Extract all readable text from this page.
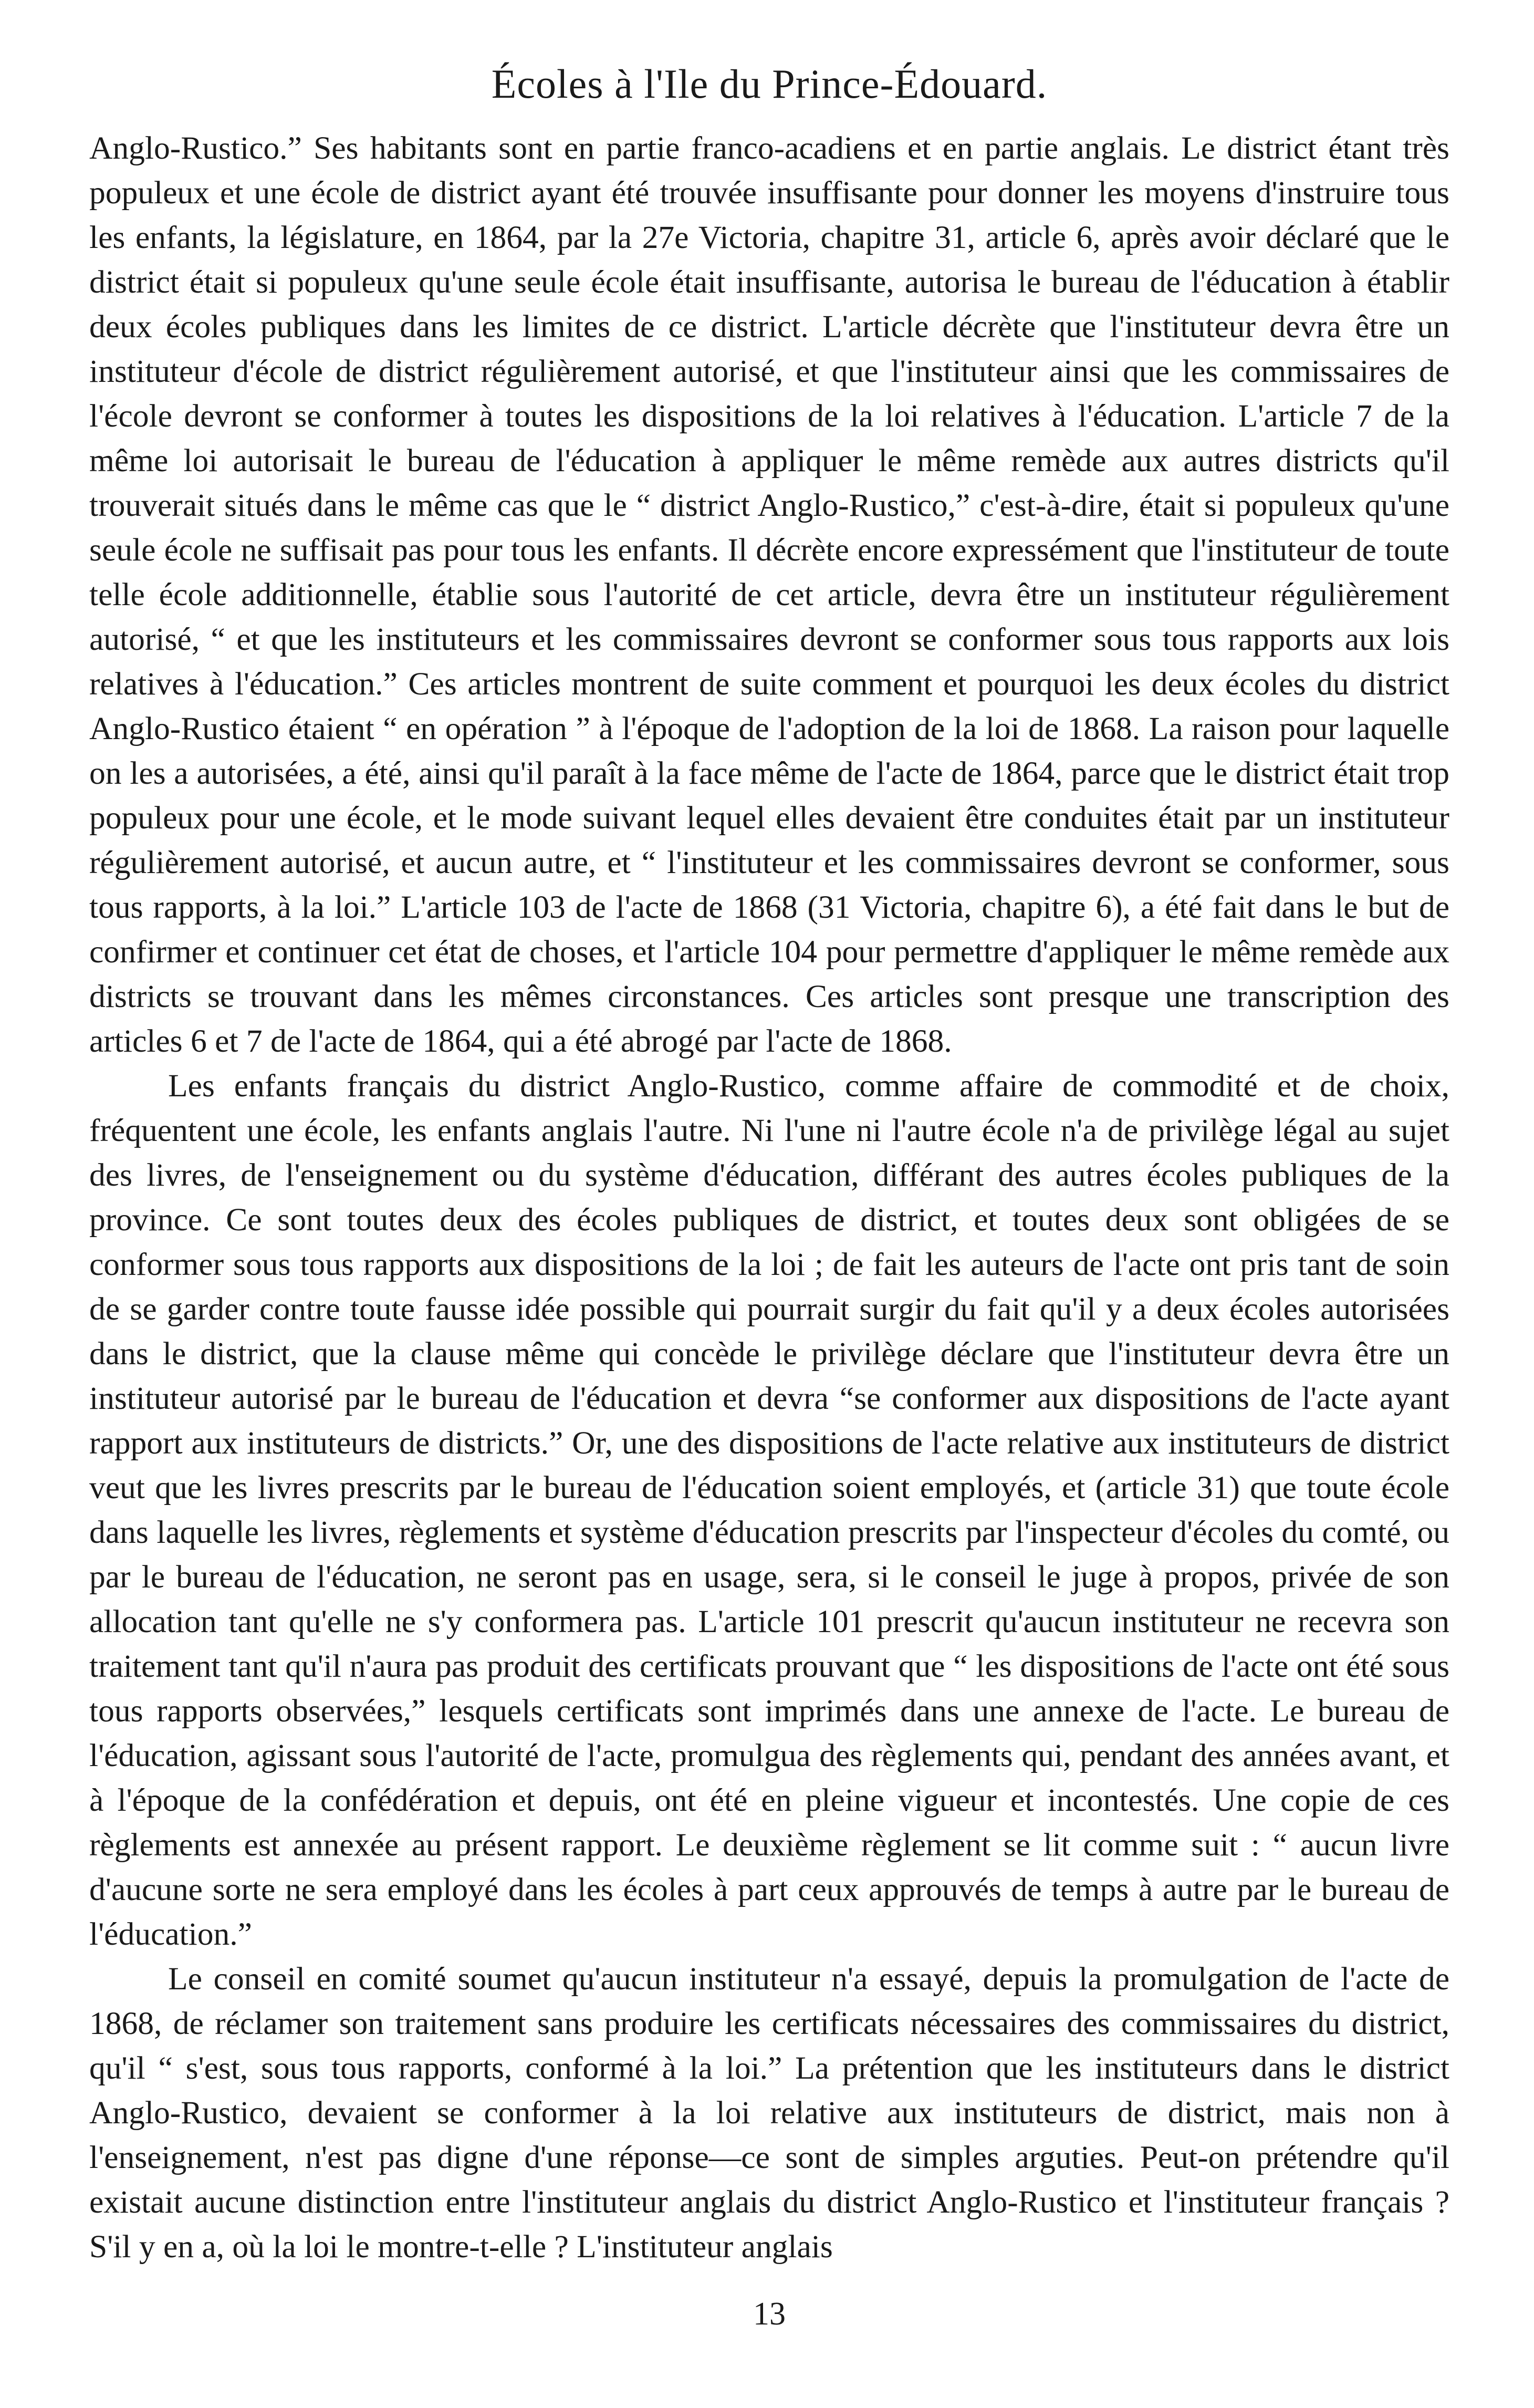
Écoles à l'Ile du Prince-Édouard.

Anglo-Rustico.” Ses habitants sont en partie franco-acadiens et en partie anglais. Le district étant très populeux et une école de district ayant été trouvée insuffisante pour donner les moyens d'instruire tous les enfants, la législature, en 1864, par la 27e Victoria, chapitre 31, article 6, après avoir déclaré que le district était si populeux qu'une seule école était insuffisante, autorisa le bureau de l'éducation à établir deux écoles publiques dans les limites de ce district. L'article décrète que l'instituteur devra être un instituteur d'école de district régulièrement autorisé, et que l'instituteur ainsi que les commissaires de l'école devront se conformer à toutes les dispositions de la loi relatives à l'éducation. L'article 7 de la même loi autorisait le bureau de l'éducation à appliquer le même remède aux autres districts qu'il trouverait situés dans le même cas que le “ district Anglo-Rustico,” c'est-à-dire, était si populeux qu'une seule école ne suffisait pas pour tous les enfants. Il décrète encore expressément que l'instituteur de toute telle école additionnelle, établie sous l'autorité de cet article, devra être un instituteur régulièrement autorisé, “ et que les instituteurs et les commissaires devront se conformer sous tous rapports aux lois relatives à l'éducation.” Ces articles montrent de suite comment et pourquoi les deux écoles du district Anglo-Rustico étaient “ en opération ” à l'époque de l'adoption de la loi de 1868. La raison pour laquelle on les a autorisées, a été, ainsi qu'il paraît à la face même de l'acte de 1864, parce que le district était trop populeux pour une école, et le mode suivant lequel elles devaient être conduites était par un instituteur régulièrement autorisé, et aucun autre, et “ l'instituteur et les commissaires devront se conformer, sous tous rapports, à la loi.” L'article 103 de l'acte de 1868 (31 Victoria, chapitre 6), a été fait dans le but de confirmer et continuer cet état de choses, et l'article 104 pour permettre d'appliquer le même remède aux districts se trouvant dans les mêmes circonstances. Ces articles sont presque une transcription des articles 6 et 7 de l'acte de 1864, qui a été abrogé par l'acte de 1868.

Les enfants français du district Anglo-Rustico, comme affaire de commodité et de choix, fréquentent une école, les enfants anglais l'autre. Ni l'une ni l'autre école n'a de privilège légal au sujet des livres, de l'enseignement ou du système d'éducation, différant des autres écoles publiques de la province. Ce sont toutes deux des écoles publiques de district, et toutes deux sont obligées de se conformer sous tous rapports aux dispositions de la loi ; de fait les auteurs de l'acte ont pris tant de soin de se garder contre toute fausse idée possible qui pourrait surgir du fait qu'il y a deux écoles autorisées dans le district, que la clause même qui concède le privilège déclare que l'instituteur devra être un instituteur autorisé par le bureau de l'éducation et devra “se conformer aux dispositions de l'acte ayant rapport aux instituteurs de districts.” Or, une des dispositions de l'acte relative aux instituteurs de district veut que les livres prescrits par le bureau de l'éducation soient employés, et (article 31) que toute école dans laquelle les livres, règlements et système d'éducation prescrits par l'inspecteur d'écoles du comté, ou par le bureau de l'éducation, ne seront pas en usage, sera, si le conseil le juge à propos, privée de son allocation tant qu'elle ne s'y conformera pas. L'article 101 prescrit qu'aucun instituteur ne recevra son traitement tant qu'il n'aura pas produit des certificats prouvant que “ les dispositions de l'acte ont été sous tous rapports observées,” lesquels certificats sont imprimés dans une annexe de l'acte. Le bureau de l'éducation, agissant sous l'autorité de l'acte, promulgua des règlements qui, pendant des années avant, et à l'époque de la confédération et depuis, ont été en pleine vigueur et incontestés. Une copie de ces règlements est annexée au présent rapport. Le deuxième règlement se lit comme suit : “ aucun livre d'aucune sorte ne sera employé dans les écoles à part ceux approuvés de temps à autre par le bureau de l'éducation.”

Le conseil en comité soumet qu'aucun instituteur n'a essayé, depuis la promulgation de l'acte de 1868, de réclamer son traitement sans produire les certificats nécessaires des commissaires du district, qu'il “ s'est, sous tous rapports, conformé à la loi.” La prétention que les instituteurs dans le district Anglo-Rustico, devaient se conformer à la loi relative aux instituteurs de district, mais non à l'enseignement, n'est pas digne d'une réponse—ce sont de simples arguties. Peut-on prétendre qu'il existait aucune distinction entre l'instituteur anglais du district Anglo-Rustico et l'instituteur français ? S'il y en a, où la loi le montre-t-elle ? L'instituteur anglais

13
